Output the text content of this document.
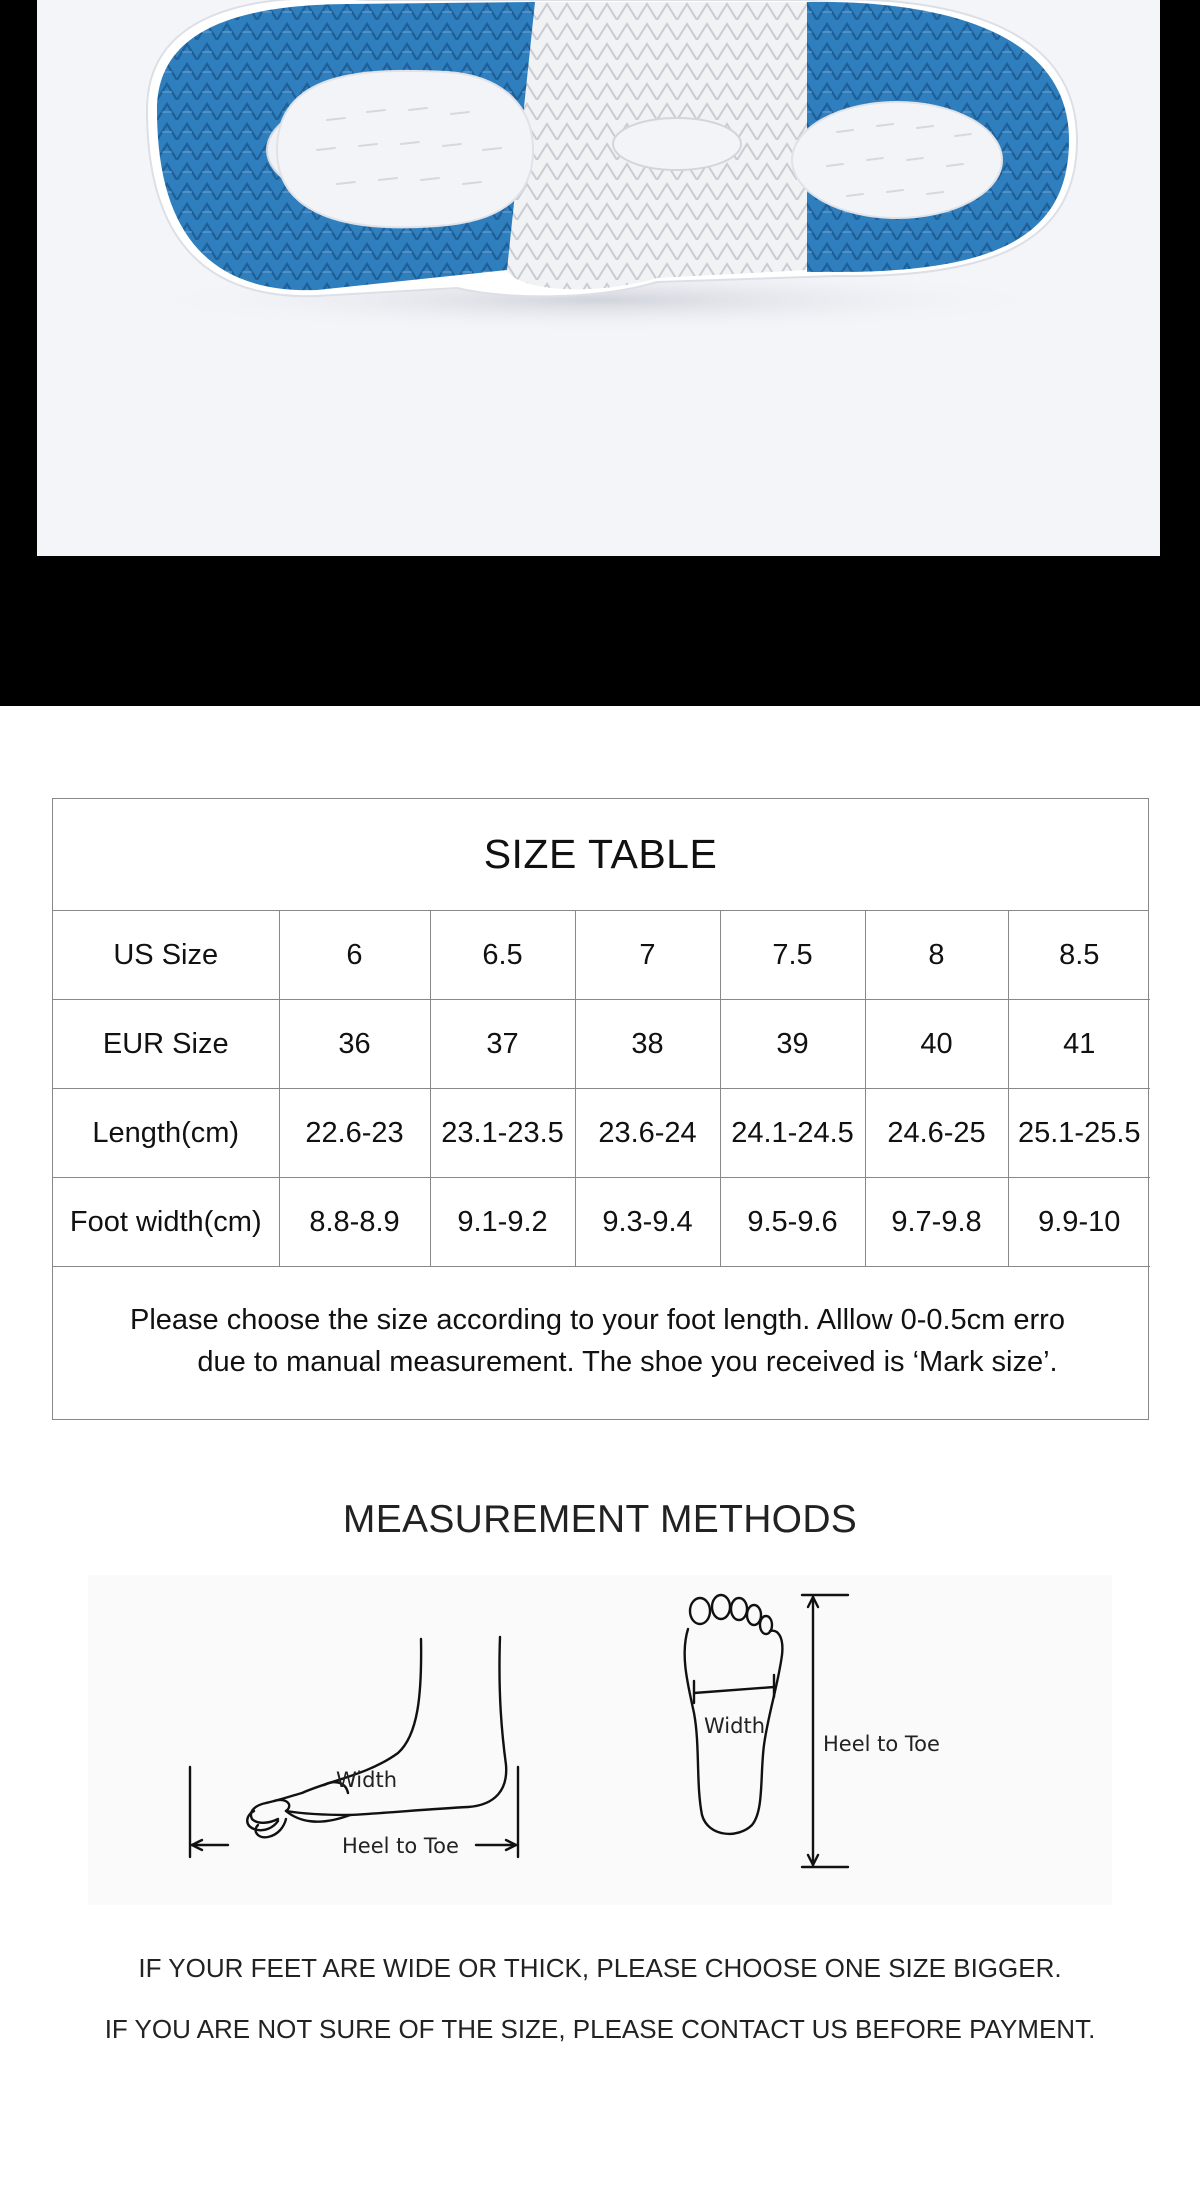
SIZE TABLE
US Size	6	6.5	7	7.5	8	8.5
EUR Size	36	37	38	39	40	41
Length(cm)	22.6-23	23.1-23.5	23.6-24	24.1-24.5	24.6-25	25.1-25.5
Foot width(cm)	8.8-8.9	9.1-9.2	9.3-9.4	9.5-9.6	9.7-9.8	9.9-10
Please choose the size according to your foot length. Alllow 0-0.5cm erro
due to manual measurement. The shoe you received is ‘Mark size’.
MEASUREMENT METHODS
Width
Heel to Toe
Width
Heel to Toe
IF YOUR FEET ARE WIDE OR THICK, PLEASE CHOOSE ONE SIZE BIGGER.
IF YOU ARE NOT SURE OF THE SIZE, PLEASE CONTACT US BEFORE PAYMENT.
